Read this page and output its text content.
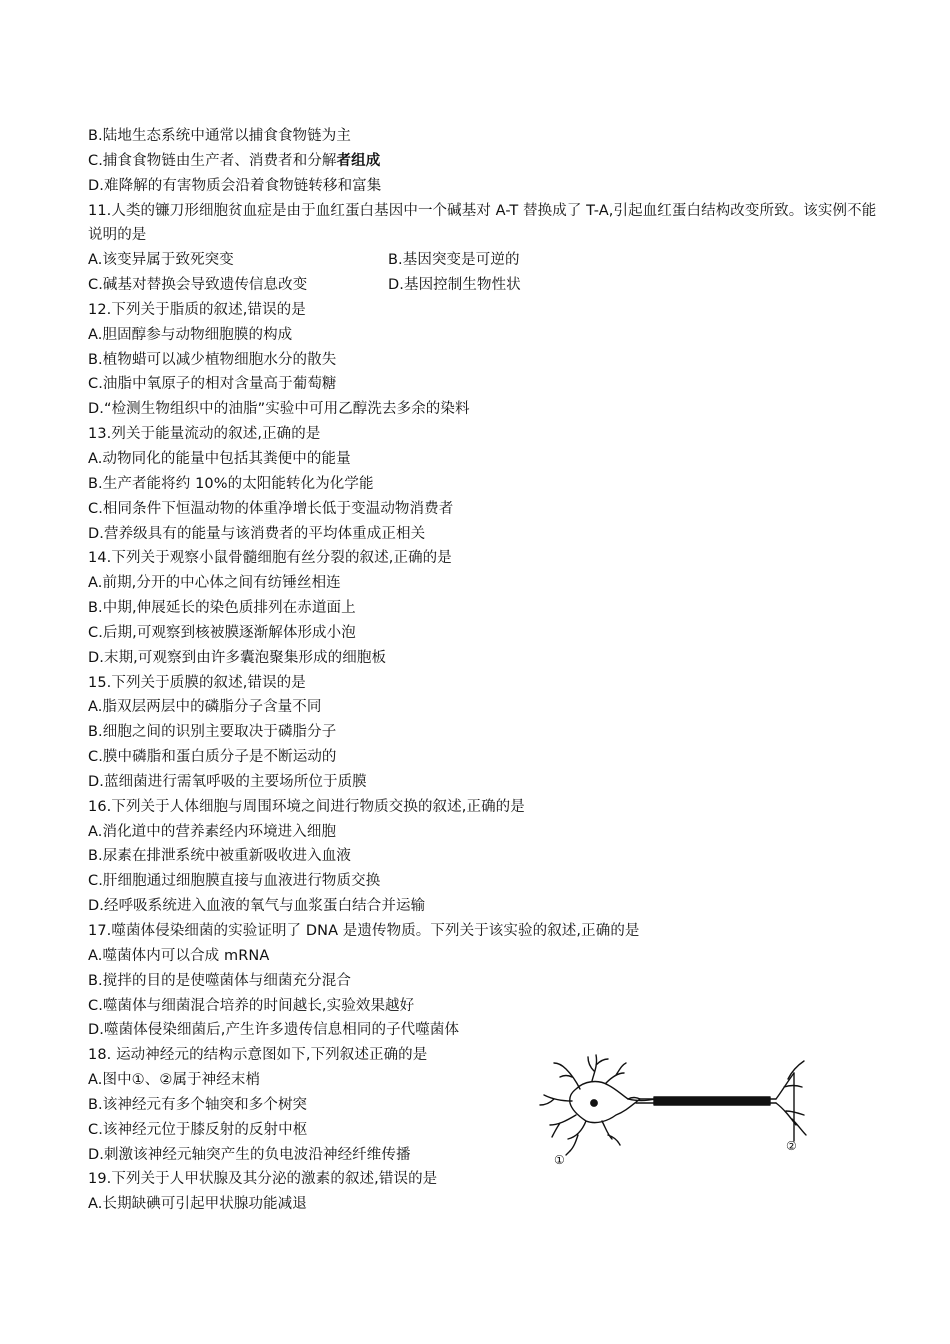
B.陆地生态系统中通常以捕食食物链为主
C.捕食食物链由生产者、消费者和分解者组成
D.难降解的有害物质会沿着食物链转移和富集
11.人类的镰刀形细胞贫血症是由于血红蛋白基因中一个碱基对 A-T 替换成了 T-A,引起血红蛋白结构改变所致。该实例不能说明的是
A.该变异属于致死突变	B.基因突变是可逆的
C.碱基对替换会导致遗传信息改变	D.基因控制生物性状
12.下列关于脂质的叙述,错误的是
A.胆固醇参与动物细胞膜的构成
B.植物蜡可以减少植物细胞水分的散失
C.油脂中氧原子的相对含量高于葡萄糖
D.“检测生物组织中的油脂”实验中可用乙醇洗去多余的染料
13.列关于能量流动的叙述,正确的是
A.动物同化的能量中包括其粪便中的能量
B.生产者能将约 10%的太阳能转化为化学能
C.相同条件下恒温动物的体重净增长低于变温动物消费者
D.营养级具有的能量与该消费者的平均体重成正相关
14.下列关于观察小鼠骨髓细胞有丝分裂的叙述,正确的是
A.前期,分开的中心体之间有纺锤丝相连
B.中期,伸展延长的染色质排列在赤道面上
C.后期,可观察到核被膜逐渐解体形成小泡
D.末期,可观察到由许多囊泡聚集形成的细胞板
15.下列关于质膜的叙述,错误的是
A.脂双层两层中的磷脂分子含量不同
B.细胞之间的识别主要取决于磷脂分子
C.膜中磷脂和蛋白质分子是不断运动的
D.蓝细菌进行需氧呼吸的主要场所位于质膜
16.下列关于人体细胞与周围环境之间进行物质交换的叙述,正确的是
A.消化道中的营养素经内环境进入细胞
B.尿素在排泄系统中被重新吸收进入血液
C.肝细胞通过细胞膜直接与血液进行物质交换
D.经呼吸系统进入血液的氧气与血浆蛋白结合并运输
17.噬菌体侵染细菌的实验证明了 DNA 是遗传物质。下列关于该实验的叙述,正确的是
A.噬菌体内可以合成 mRNA
B.搅拌的目的是使噬菌体与细菌充分混合
C.噬菌体与细菌混合培养的时间越长,实验效果越好
D.噬菌体侵染细菌后,产生许多遗传信息相同的子代噬菌体
18. 运动神经元的结构示意图如下,下列叙述正确的是
A.图中①、②属于神经末梢
B.该神经元有多个轴突和多个树突
C.该神经元位于膝反射的反射中枢
D.刺激该神经元轴突产生的负电波沿神经纤维传播
19.下列关于人甲状腺及其分泌的激素的叙述,错误的是
A.长期缺碘可引起甲状腺功能减退
①
②
